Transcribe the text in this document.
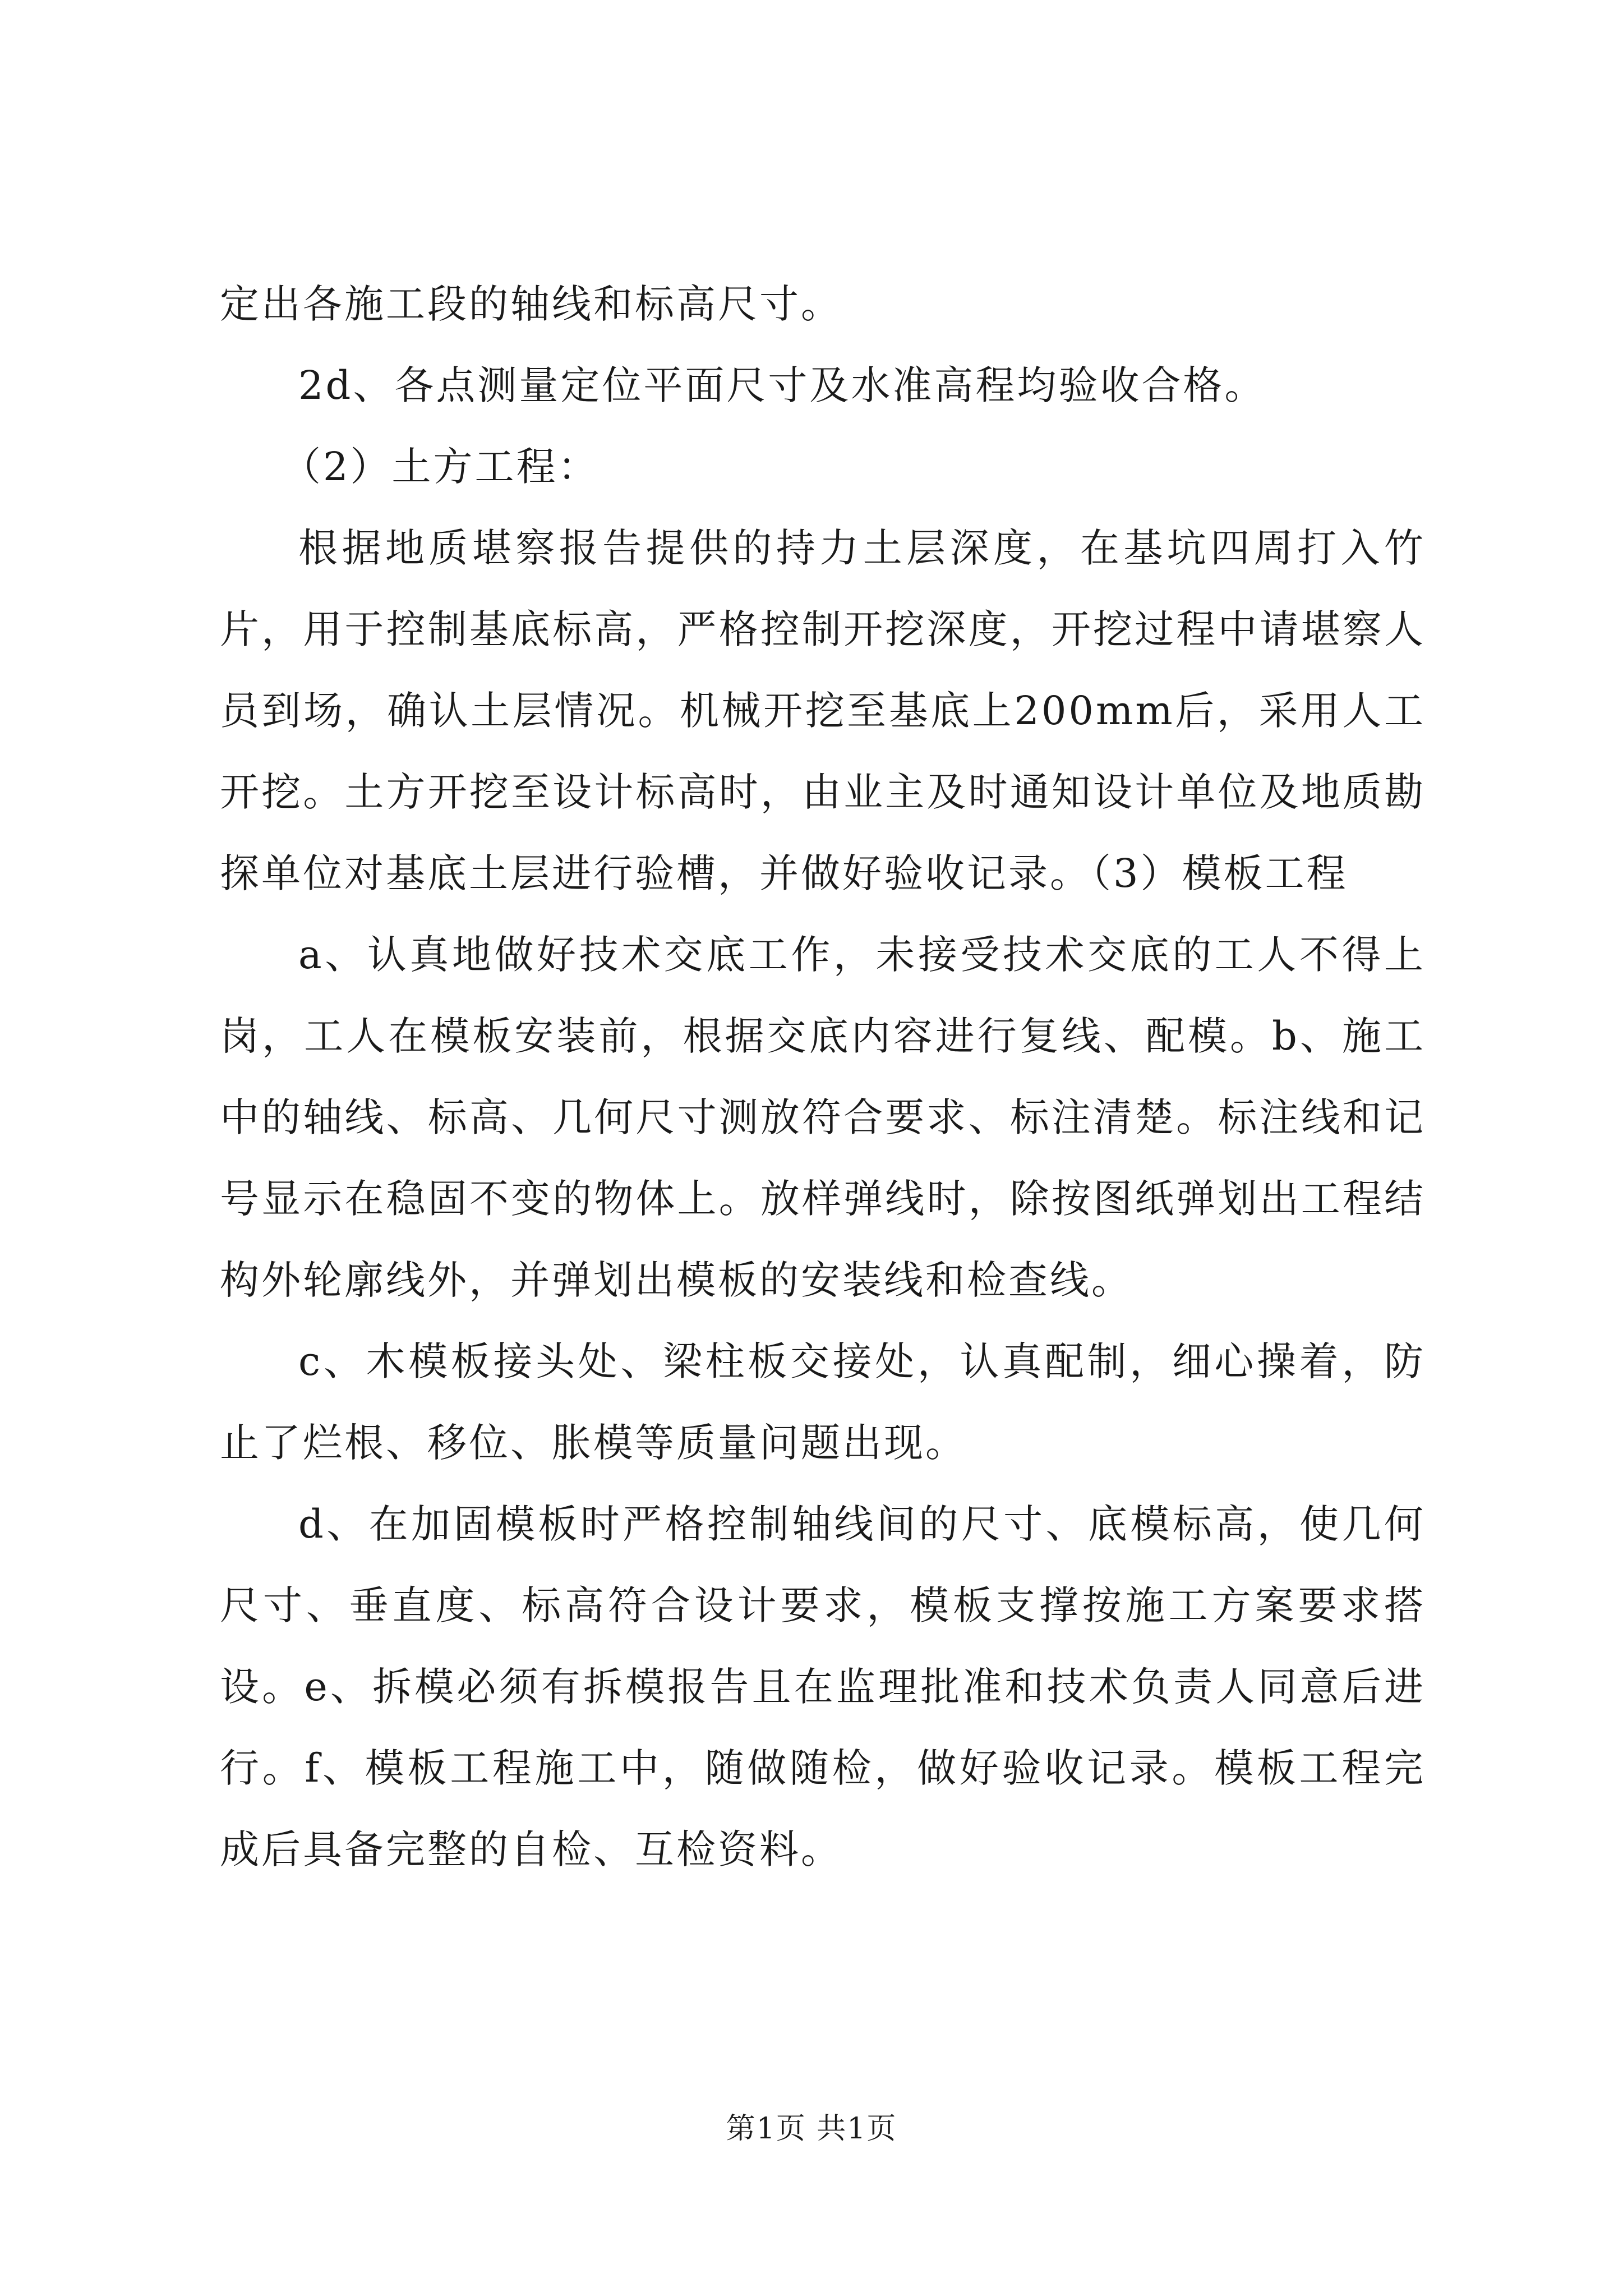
定出各施工段的轴线和标高尺寸。

2d、各点测量定位平面尺寸及水准高程均验收合格。

（2）土方工程：

根据地质堪察报告提供的持力土层深度，在基坑四周打入竹片，用于控制基底标高，严格控制开挖深度，开挖过程中请堪察人员到场，确认土层情况。机械开挖至基底上200mm后，采用人工开挖。土方开挖至设计标高时，由业主及时通知设计单位及地质勘探单位对基底土层进行验槽，并做好验收记录。（3）模板工程

a、认真地做好技术交底工作，未接受技术交底的工人不得上岗，工人在模板安装前，根据交底内容进行复线、配模。b、施工中的轴线、标高、几何尺寸测放符合要求、标注清楚。标注线和记号显示在稳固不变的物体上。放样弹线时，除按图纸弹划出工程结构外轮廓线外，并弹划出模板的安装线和检查线。

c、木模板接头处、梁柱板交接处，认真配制，细心操着，防止了烂根、移位、胀模等质量问题出现。

d、在加固模板时严格控制轴线间的尺寸、底模标高，使几何尺寸、垂直度、标高符合设计要求，模板支撑按施工方案要求搭设。e、拆模必须有拆模报告且在监理批准和技术负责人同意后进行。f、模板工程施工中，随做随检，做好验收记录。模板工程完成后具备完整的自检、互检资料。

第1页 共1页
